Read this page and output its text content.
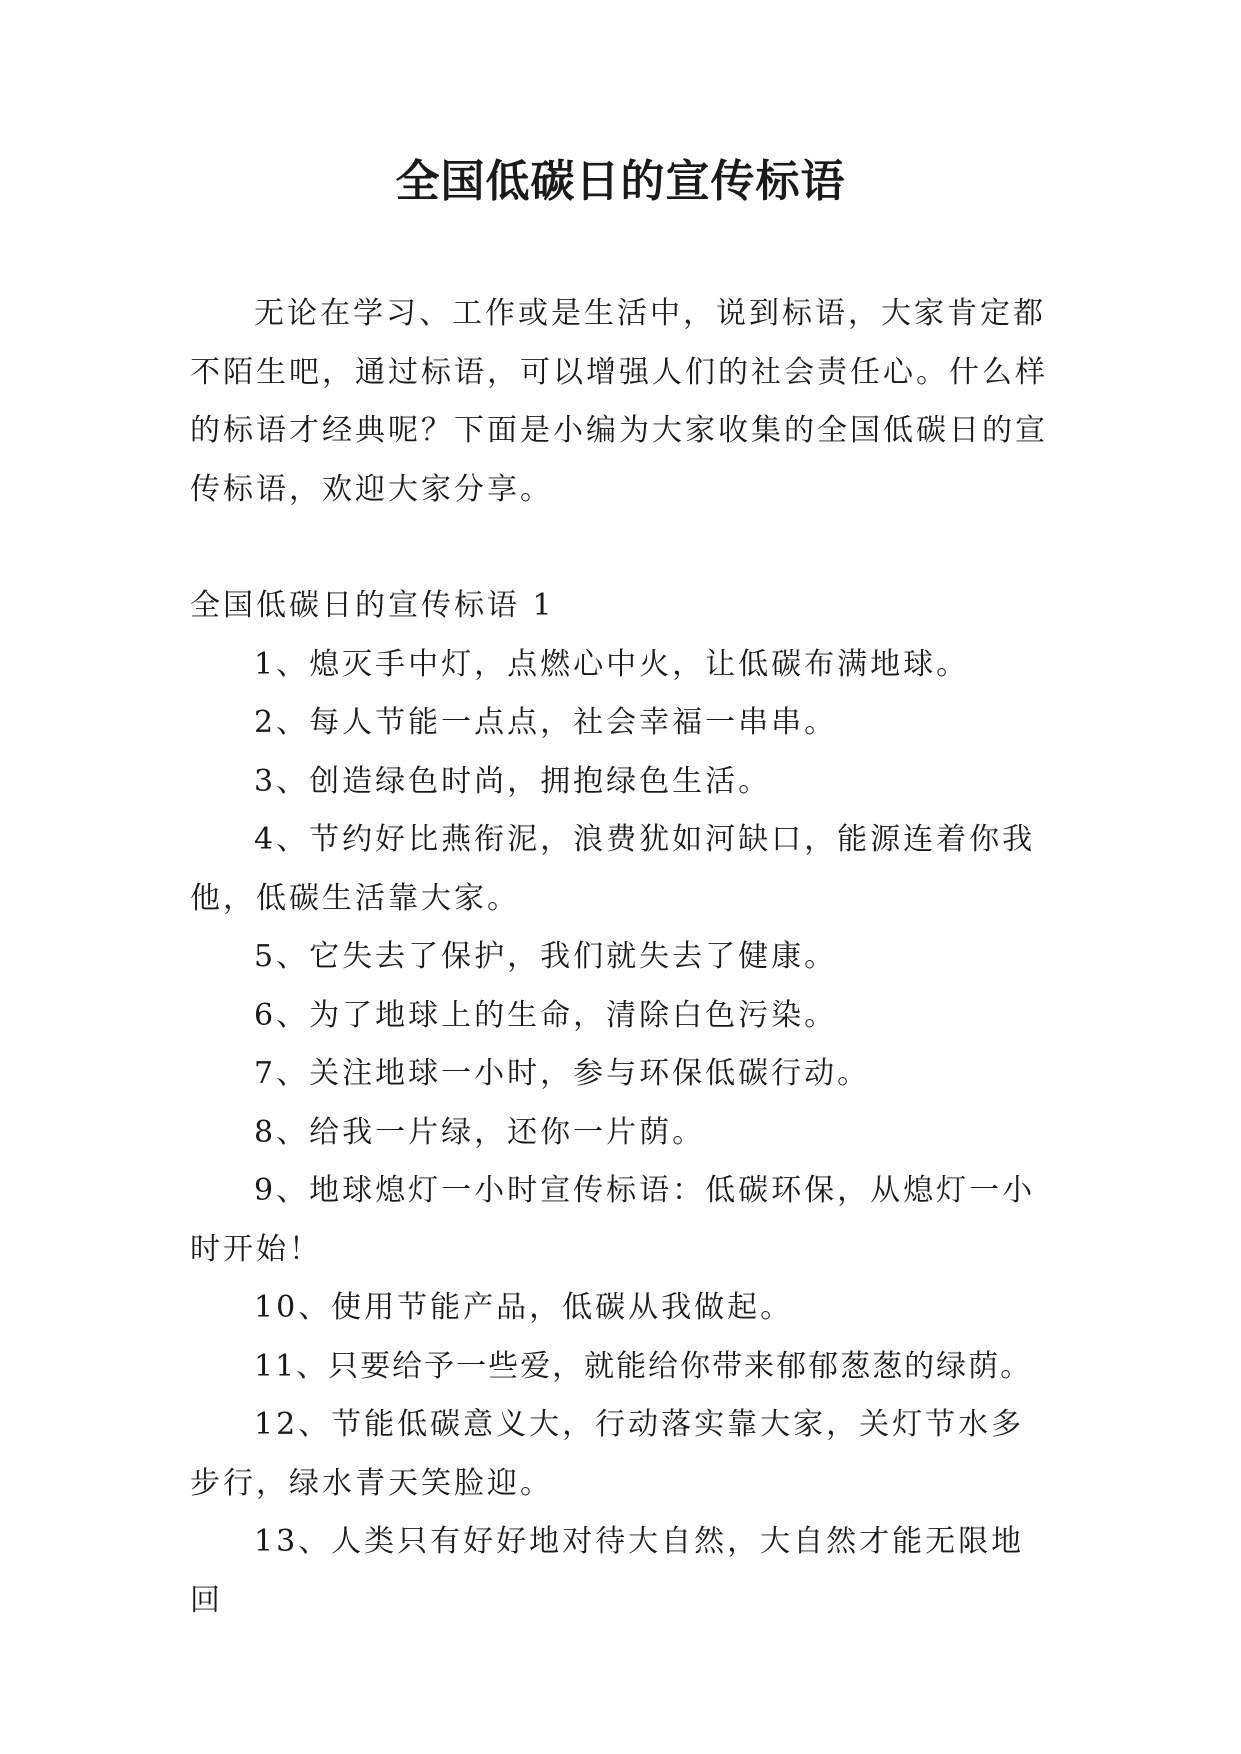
全国低碳日的宣传标语

无论在学习、工作或是生活中，说到标语，大家肯定都不陌生吧，通过标语，可以增强人们的社会责任心。什么样的标语才经典呢？下面是小编为大家收集的全国低碳日的宣传标语，欢迎大家分享。

全国低碳日的宣传标语 1

1、熄灭手中灯，点燃心中火，让低碳布满地球。

2、每人节能一点点，社会幸福一串串。

3、创造绿色时尚，拥抱绿色生活。

4、节约好比燕衔泥，浪费犹如河缺口，能源连着你我他，低碳生活靠大家。

5、它失去了保护，我们就失去了健康。

6、为了地球上的生命，清除白色污染。

7、关注地球一小时，参与环保低碳行动。

8、给我一片绿，还你一片荫。

9、地球熄灯一小时宣传标语：低碳环保，从熄灯一小时开始！

10、使用节能产品，低碳从我做起。

11、只要给予一些爱，就能给你带来郁郁葱葱的绿荫。

12、节能低碳意义大，行动落实靠大家，关灯节水多步行，绿水青天笑脸迎。

13、人类只有好好地对待大自然，大自然才能无限地回
